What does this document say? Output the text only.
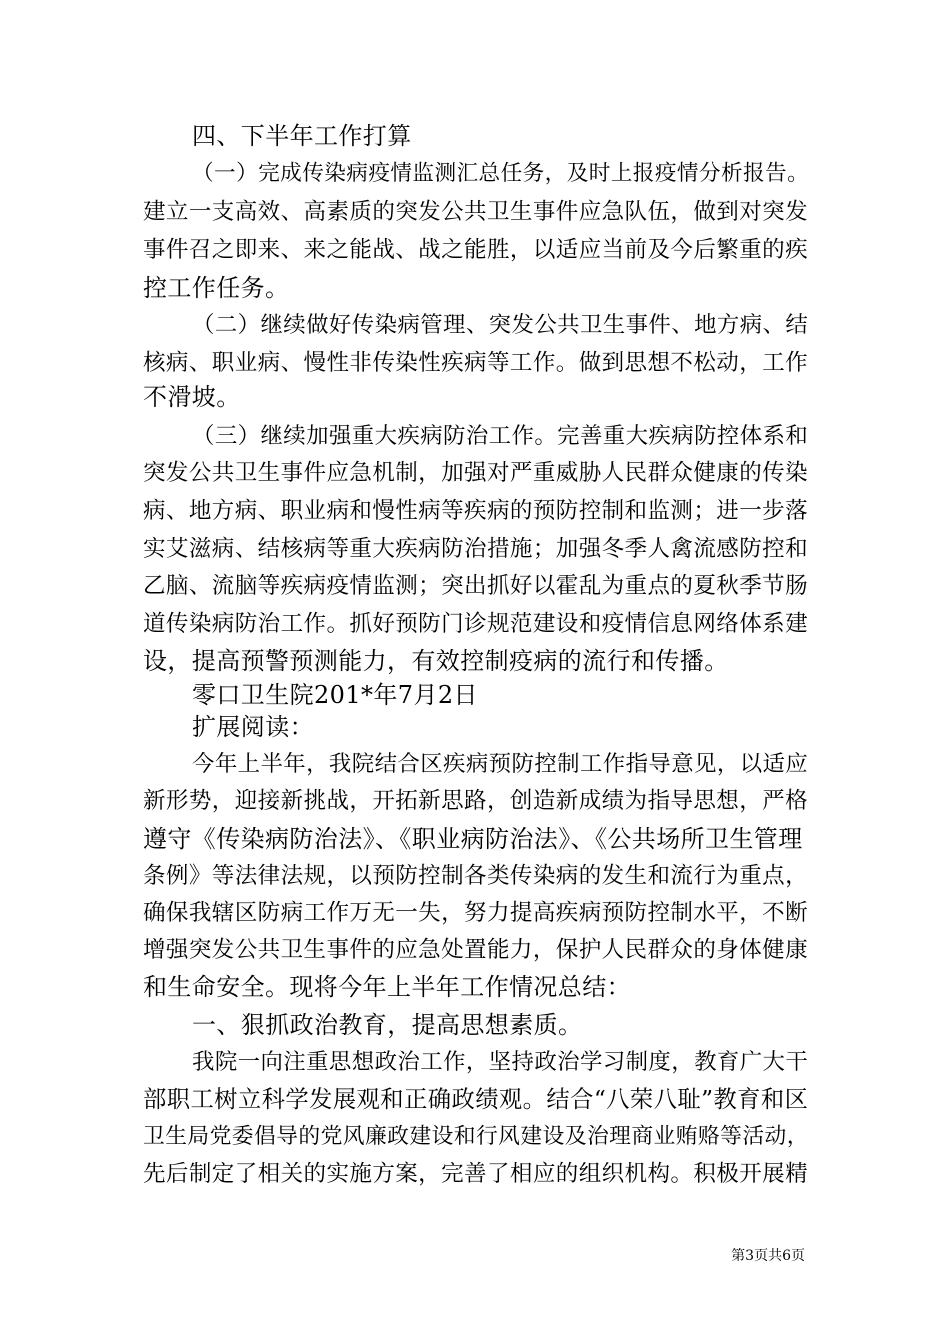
四、下半年工作打算
（一）完成传染病疫情监测汇总任务，及时上报疫情分析报告。
建立一支高效、高素质的突发公共卫生事件应急队伍，做到对突发
事件召之即来、来之能战、战之能胜，以适应当前及今后繁重的疾
控工作任务。
（二）继续做好传染病管理、突发公共卫生事件、地方病、结
核病、职业病、慢性非传染性疾病等工作。做到思想不松动，工作
不滑坡。
（三）继续加强重大疾病防治工作。完善重大疾病防控体系和
突发公共卫生事件应急机制，加强对严重威胁人民群众健康的传染
病、地方病、职业病和慢性病等疾病的预防控制和监测；进一步落
实艾滋病、结核病等重大疾病防治措施；加强冬季人禽流感防控和
乙脑、流脑等疾病疫情监测；突出抓好以霍乱为重点的夏秋季节肠
道传染病防治工作。抓好预防门诊规范建设和疫情信息网络体系建
设，提高预警预测能力，有效控制疫病的流行和传播。
零口卫生院201*年7月2日
扩展阅读：
今年上半年，我院结合区疾病预防控制工作指导意见，以适应
新形势，迎接新挑战，开拓新思路，创造新成绩为指导思想，严格
遵守《传染病防治法》、《职业病防治法》、《公共场所卫生管理
条例》等法律法规，以预防控制各类传染病的发生和流行为重点，
确保我辖区防病工作万无一失，努力提高疾病预防控制水平，不断
增强突发公共卫生事件的应急处置能力，保护人民群众的身体健康
和生命安全。现将今年上半年工作情况总结：
一、狠抓政治教育，提高思想素质。
我院一向注重思想政治工作，坚持政治学习制度，教育广大干
部职工树立科学发展观和正确政绩观。结合“八荣八耻”教育和区
卫生局党委倡导的党风廉政建设和行风建设及治理商业贿赂等活动，
先后制定了相关的实施方案，完善了相应的组织机构。积极开展精
第3页共6页
